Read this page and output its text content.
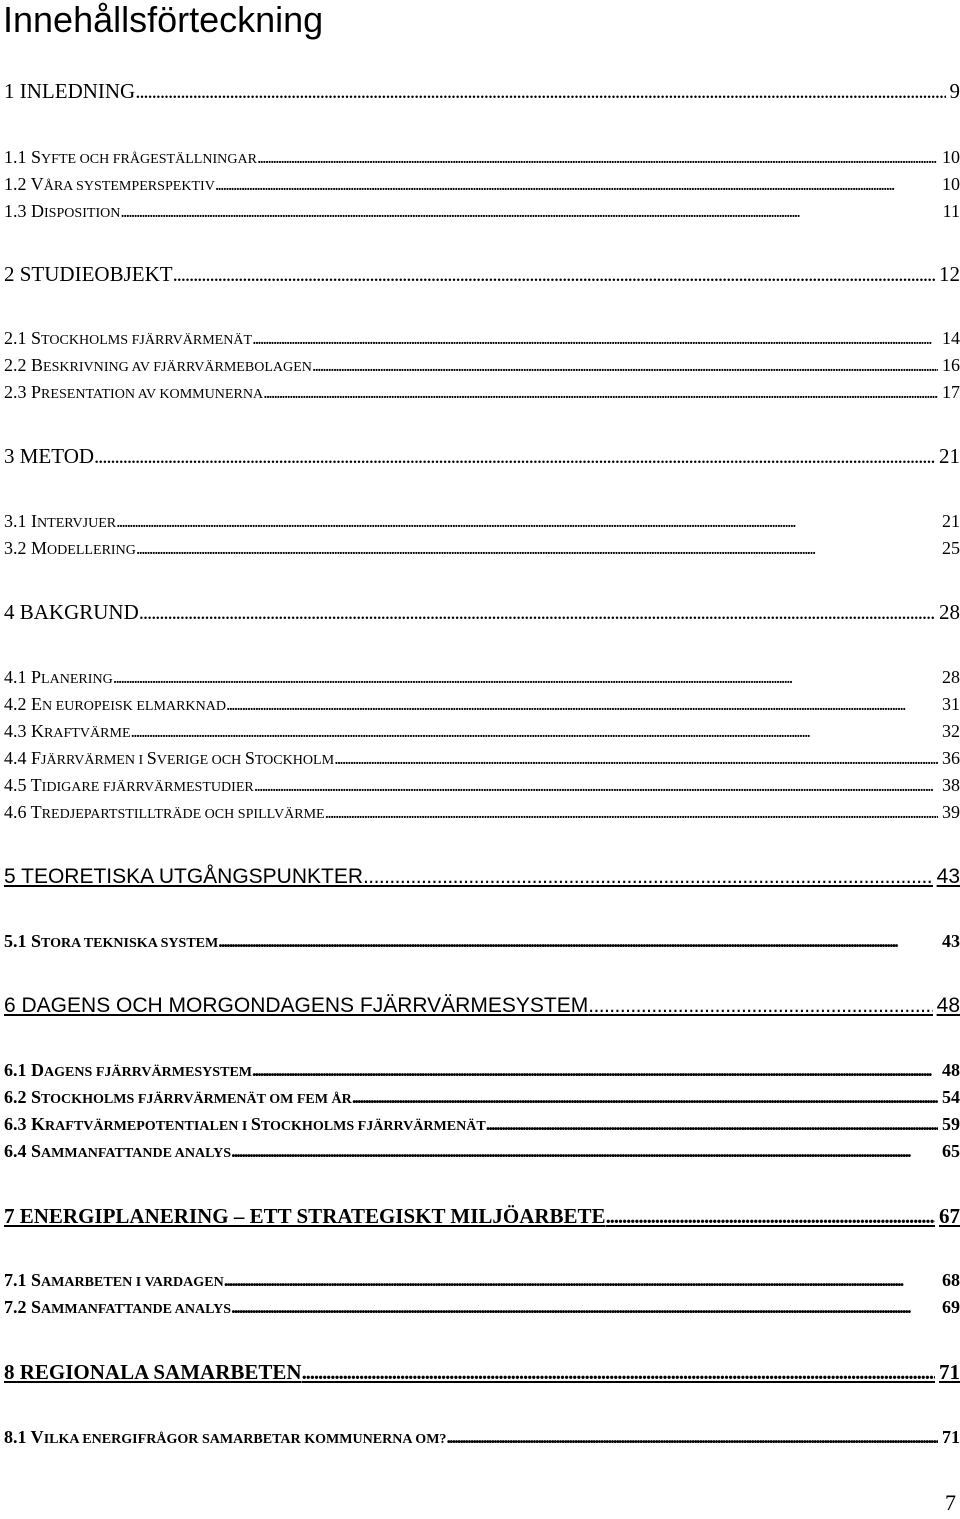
Innehållsförteckning
1 INLEDNING . . .	9
1.1 SYFTE OCH FRÅGESTÄLLNINGAR . . .	10
1.2 VÅRA SYSTEMPERSPEKTIV . . .	10
1.3 DISPOSITION . . .	11
2 STUDIEOBJEKT . . .	12
2.1 STOCKHOLMS FJÄRRVÄRMENÄT . . .	14
2.2 BESKRIVNING AV FJÄRRVÄRMEBOLAGEN . . .	16
2.3 PRESENTATION AV KOMMUNERNA . . .	17
3 METOD . . .	21
3.1 INTERVJUER . . .	21
3.2 MODELLERING . . .	25
4 BAKGRUND . . .	28
4.1 PLANERING . . .	28
4.2 EN EUROPEISK ELMARKNAD . . .	31
4.3 KRAFTVÄRME . . .	32
4.4 FJÄRRVÄRMEN I SVERIGE OCH STOCKHOLM . . .	36
4.5 TIDIGARE FJÄRRVÄRMESTUDIER . . .	38
4.6 TREDJEPARTSTILLTRÄDE OCH SPILLVÄRME . . .	39
5 TEORETISKA UTGÅNGSPUNKTER . . .	43
5.1 STORA TEKNISKA SYSTEM . . .	43
6 DAGENS OCH MORGONDAGENS FJÄRRVÄRMESYSTEM . . .	48
6.1 DAGENS FJÄRRVÄRMESYSTEM . . .	48
6.2 STOCKHOLMS FJÄRRVÄRMENÄT OM FEM ÅR . . .	54
6.3 KRAFTVÄRMEPOTENTIALEN I STOCKHOLMS FJÄRRVÄRMENÄT . . .	59
6.4 SAMMANFATTANDE ANALYS . . .	65
7 ENERGIPLANERING – ETT STRATEGISKT MILJÖARBETE . . .	67
7.1 SAMARBETEN I VARDAGEN . . .	68
7.2 SAMMANFATTANDE ANALYS . . .	69
8 REGIONALA SAMARBETEN . . .	71
8.1 VILKA ENERGIFRÅGOR SAMARBETAR KOMMUNERNA OM? . . .	71
7
